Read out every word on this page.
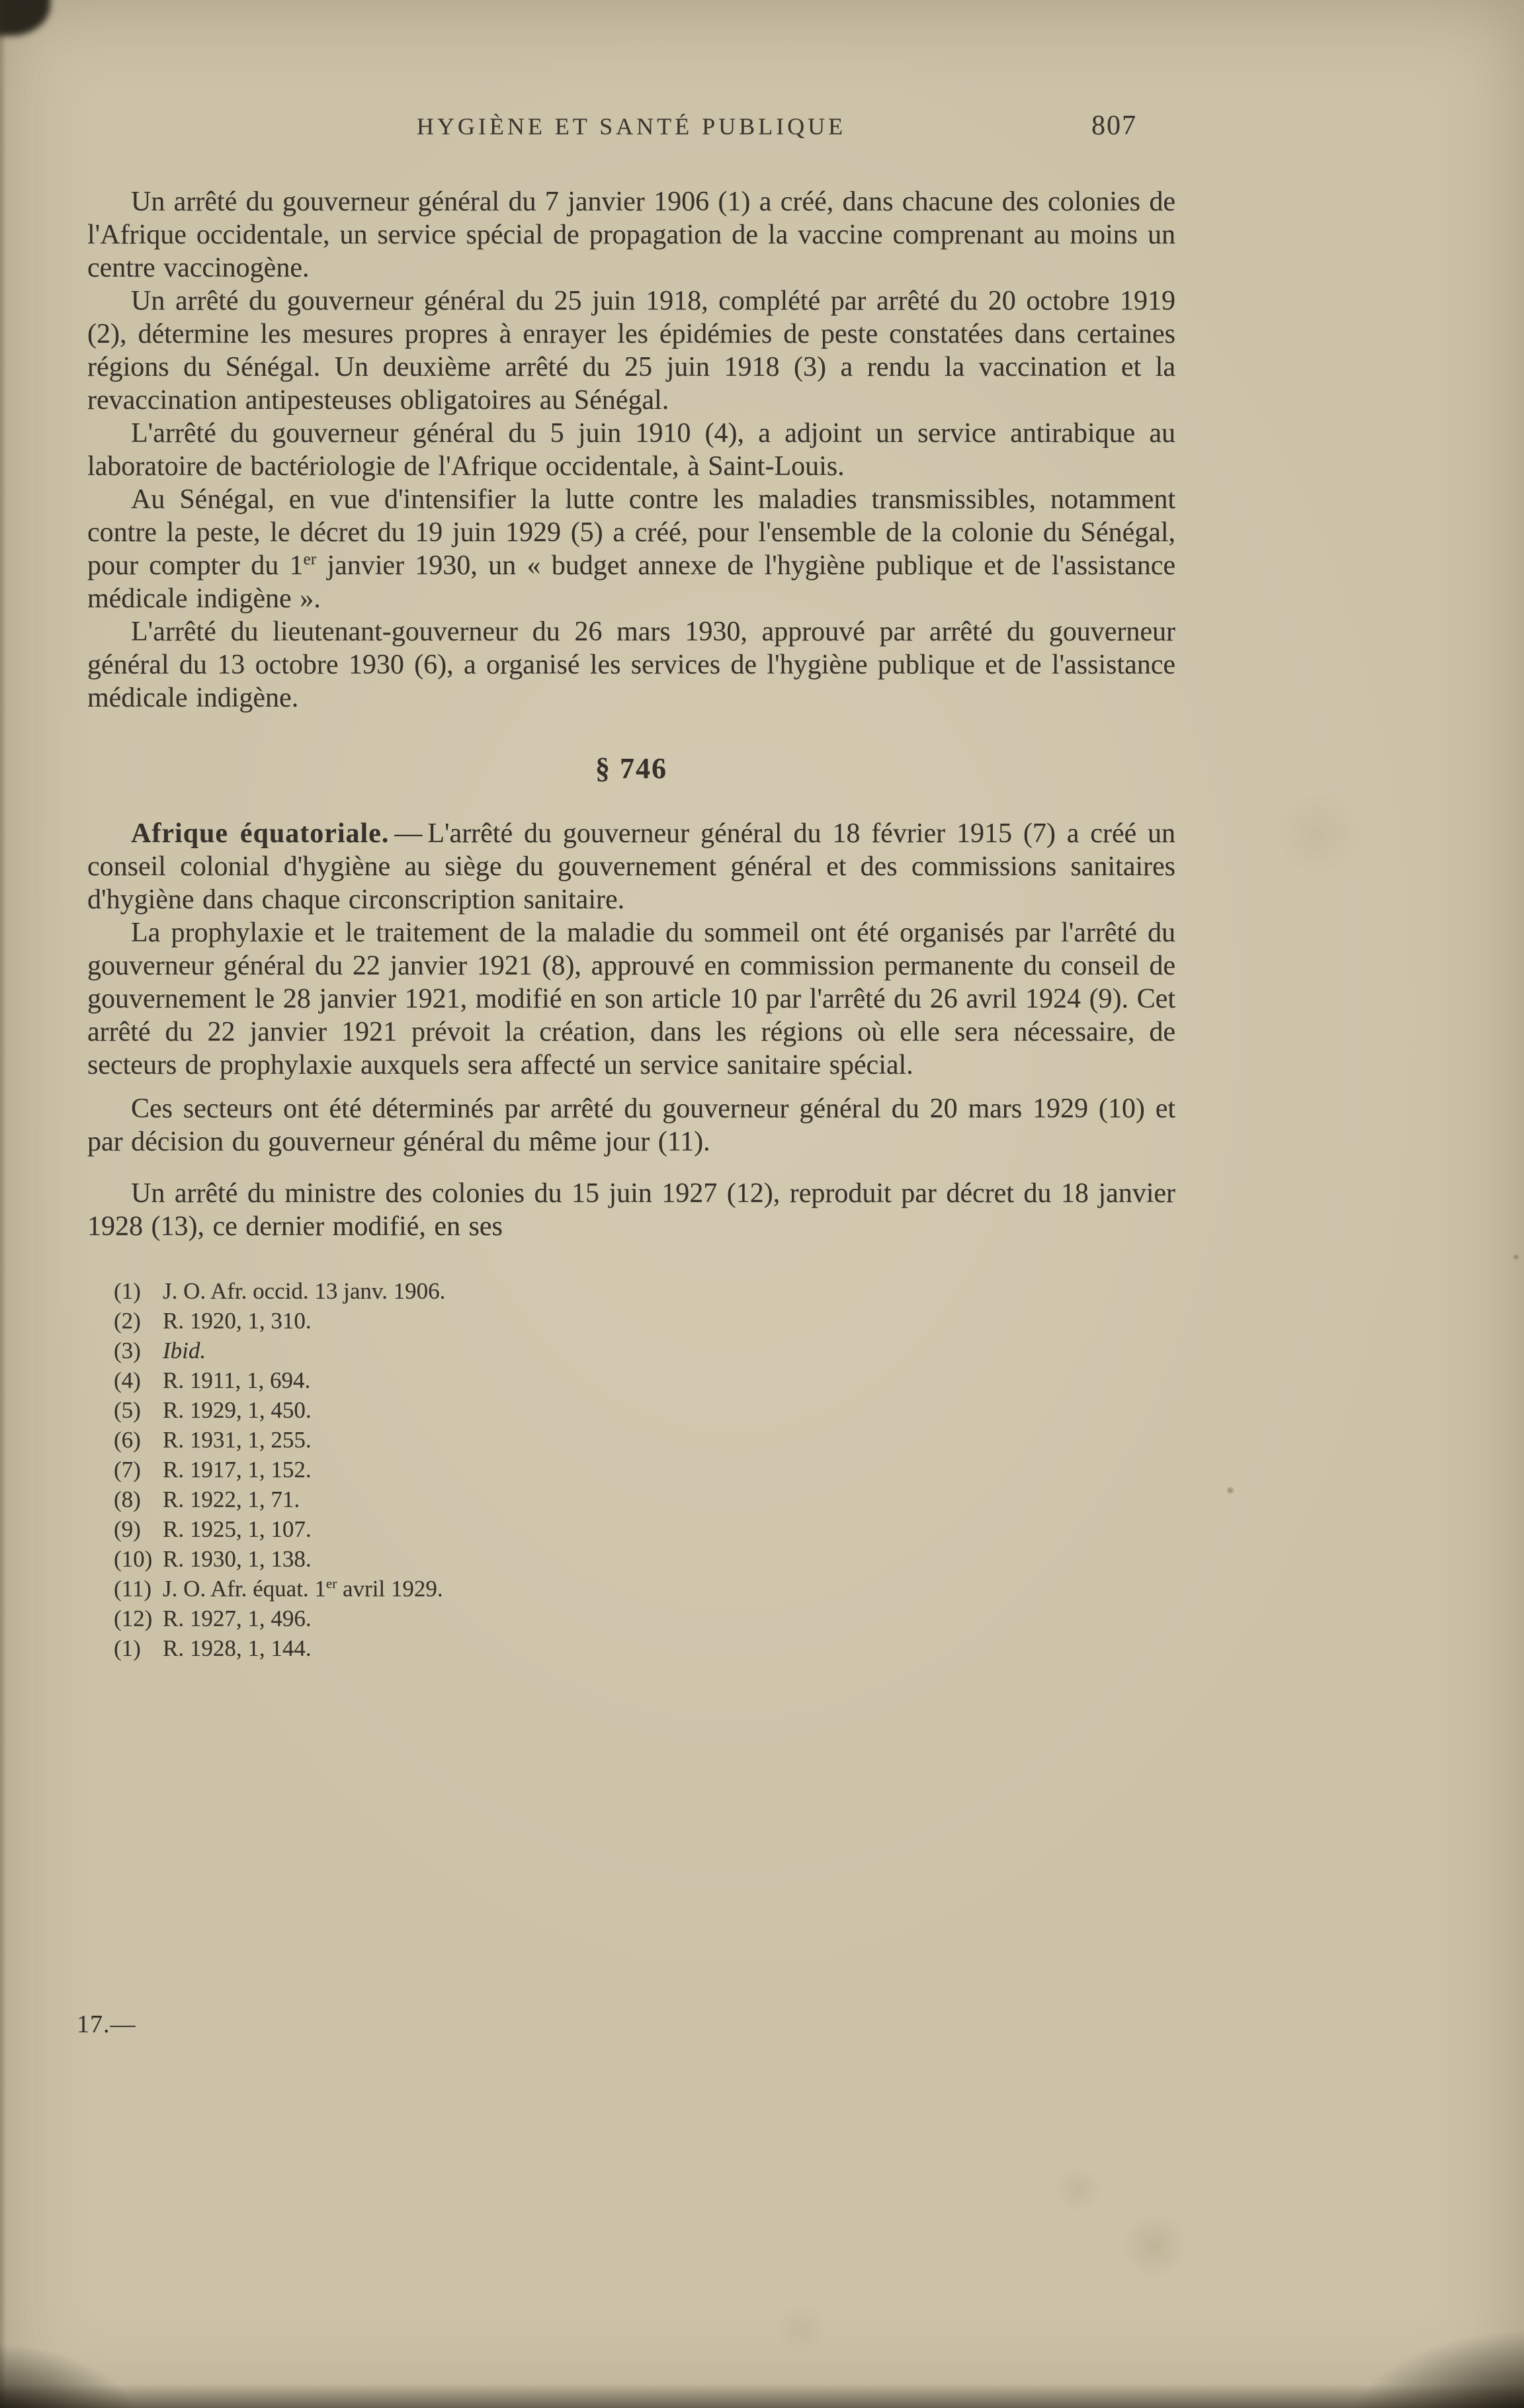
HYGIÈNE ET SANTÉ PUBLIQUE	807

Un arrêté du gouverneur général du 7 janvier 1906 (1) a créé, dans chacune des colonies de l'Afrique occidentale, un service spécial de propagation de la vaccine comprenant au moins un centre vaccinogène.

Un arrêté du gouverneur général du 25 juin 1918, complété par arrêté du 20 octobre 1919 (2), détermine les mesures propres à enrayer les épidémies de peste constatées dans certaines régions du Sénégal. Un deuxième arrêté du 25 juin 1918 (3) a rendu la vaccination et la revaccination antipesteuses obligatoires au Sénégal.

L'arrêté du gouverneur général du 5 juin 1910 (4), a adjoint un service antirabique au laboratoire de bactériologie de l'Afrique occidentale, à Saint-Louis.

Au Sénégal, en vue d'intensifier la lutte contre les maladies transmissibles, notamment contre la peste, le décret du 19 juin 1929 (5) a créé, pour l'ensemble de la colonie du Sénégal, pour compter du 1er janvier 1930, un « budget annexe de l'hygiène publique et de l'assistance médicale indigène ».

L'arrêté du lieutenant-gouverneur du 26 mars 1930, approuvé par arrêté du gouverneur général du 13 octobre 1930 (6), a organisé les services de l'hygiène publique et de l'assistance médicale indigène.

§ 746

Afrique équatoriale. — L'arrêté du gouverneur général du 18 février 1915 (7) a créé un conseil colonial d'hygiène au siège du gouvernement général et des commissions sanitaires d'hygiène dans chaque circonscription sanitaire.

La prophylaxie et le traitement de la maladie du sommeil ont été organisés par l'arrêté du gouverneur général du 22 janvier 1921 (8), approuvé en commission permanente du conseil de gouvernement le 28 janvier 1921, modifié en son article 10 par l'arrêté du 26 avril 1924 (9). Cet arrêté du 22 janvier 1921 prévoit la création, dans les régions où elle sera nécessaire, de secteurs de prophylaxie auxquels sera affecté un service sanitaire spécial.

Ces secteurs ont été déterminés par arrêté du gouverneur général du 20 mars 1929 (10) et par décision du gouverneur général du même jour (11).

Un arrêté du ministre des colonies du 15 juin 1927 (12), reproduit par décret du 18 janvier 1928 (13), ce dernier modifié, en ses

(1) J. O. Afr. occid. 13 janv. 1906.

(2) R. 1920, 1, 310.

(3) Ibid.

(4) R. 1911, 1, 694.

(5) R. 1929, 1, 450.

(6) R. 1931, 1, 255.

(7) R. 1917, 1, 152.

(8) R. 1922, 1, 71.

(9) R. 1925, 1, 107.

(10) R. 1930, 1, 138.

(11) J. O. Afr. équat. 1er avril 1929.

(12) R. 1927, 1, 496.

(1) R. 1928, 1, 144.

17.—
